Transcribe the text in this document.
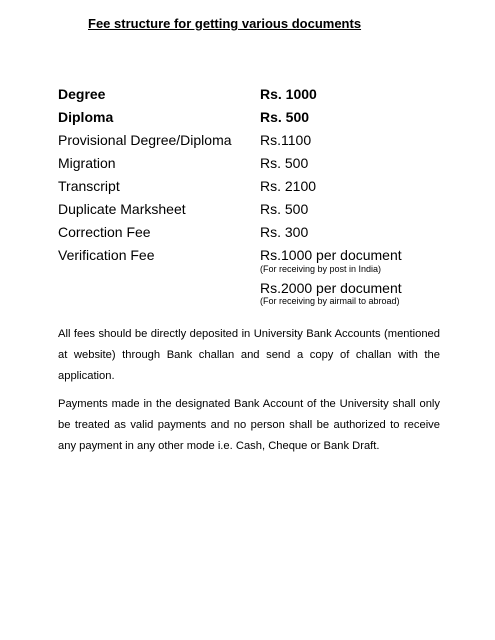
Fee structure for getting various documents
Degree	Rs. 1000
Diploma	Rs. 500
Provisional Degree/Diploma Rs.1100
Migration	Rs. 500
Transcript	Rs. 2100
Duplicate Marksheet	Rs. 500
Correction Fee	Rs. 300
Verification Fee	Rs.1000 per document
(For receiving by post in India)
Rs.2000 per document
(For receiving by airmail to abroad)
All fees should be directly deposited in University Bank Accounts (mentioned at website) through Bank challan and send a copy of challan with the application.
Payments made in the designated Bank Account of the University shall only be treated as valid payments and no person shall be authorized to receive any payment in any other mode i.e. Cash, Cheque or Bank Draft.
